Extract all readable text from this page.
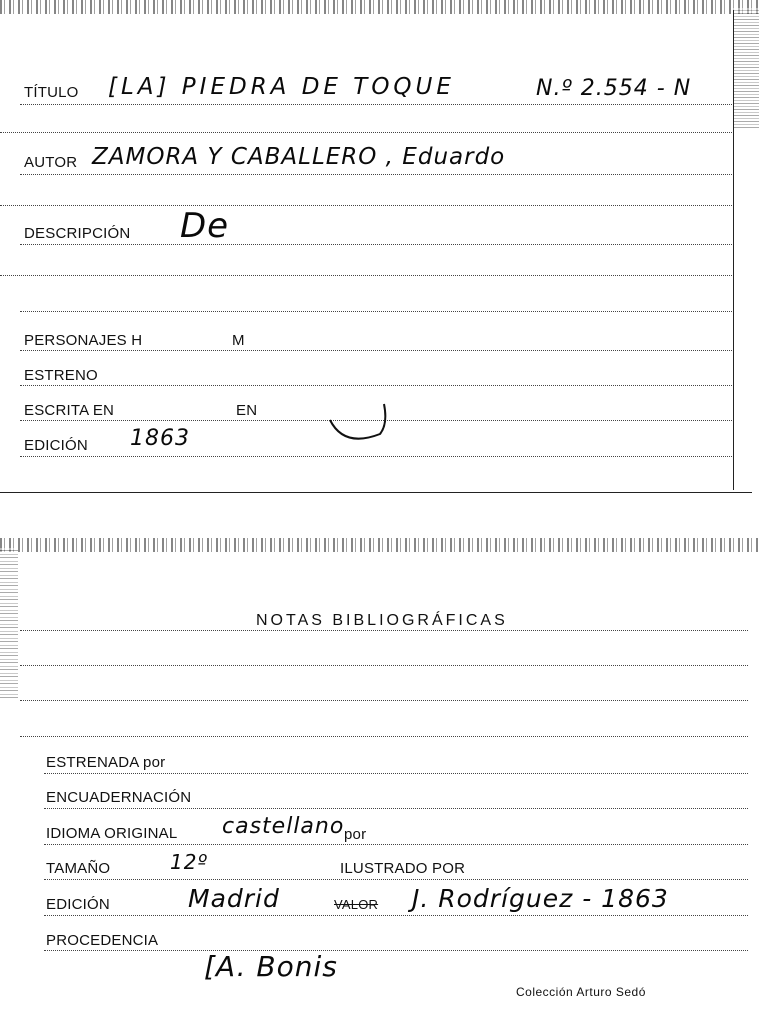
TÍTULO [LA] PIEDRA DE TOQUE	N.º 2.554 - N
AUTOR ZAMORA Y CABALLERO , Eduardo
DESCRIPCIÓN De
PERSONAJES H	M
ESTRENO
ESCRITA EN	EN
EDICIÓN 1863
NOTAS BIBLIOGRÁFICAS
ESTRENADA por
ENCUADERNACIÓN
IDIOMA ORIGINAL castellano por
TAMAÑO	12º	ILUSTRADO POR
EDICIÓN	Madrid	VALOR J. Rodríguez - 1863
PROCEDENCIA
[A. Bonis
Colección Arturo Sedó
